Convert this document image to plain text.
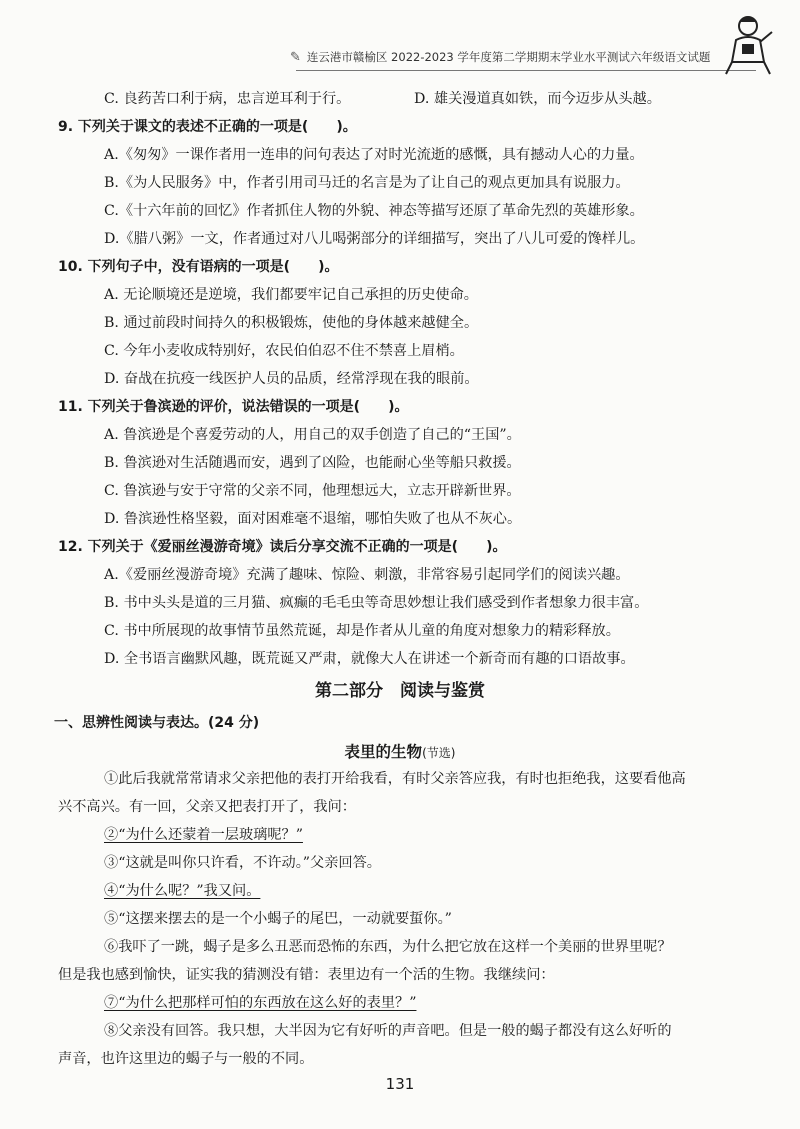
✎ 连云港市赣榆区 2022-2023 学年度第二学期期末学业水平测试六年级语文试题
C. 良药苦口利于病，忠言逆耳利于行。	D. 雄关漫道真如铁，而今迈步从头越。
9. 下列关于课文的表述不正确的一项是(　　)。
A.《匆匆》一课作者用一连串的问句表达了对时光流逝的感慨，具有撼动人心的力量。
B.《为人民服务》中，作者引用司马迁的名言是为了让自己的观点更加具有说服力。
C.《十六年前的回忆》作者抓住人物的外貌、神态等描写还原了革命先烈的英雄形象。
D.《腊八粥》一文，作者通过对八儿喝粥部分的详细描写，突出了八儿可爱的馋样儿。
10. 下列句子中，没有语病的一项是(　　)。
A. 无论顺境还是逆境，我们都要牢记自己承担的历史使命。
B. 通过前段时间持久的积极锻炼，使他的身体越来越健全。
C. 今年小麦收成特别好，农民伯伯忍不住不禁喜上眉梢。
D. 奋战在抗疫一线医护人员的品质，经常浮现在我的眼前。
11. 下列关于鲁滨逊的评价，说法错误的一项是(　　)。
A. 鲁滨逊是个喜爱劳动的人，用自己的双手创造了自己的“王国”。
B. 鲁滨逊对生活随遇而安，遇到了凶险，也能耐心坐等船只救援。
C. 鲁滨逊与安于守常的父亲不同，他理想远大，立志开辟新世界。
D. 鲁滨逊性格坚毅，面对困难毫不退缩，哪怕失败了也从不灰心。
12. 下列关于《爱丽丝漫游奇境》读后分享交流不正确的一项是(　　)。
A.《爱丽丝漫游奇境》充满了趣味、惊险、刺激，非常容易引起同学们的阅读兴趣。
B. 书中头头是道的三月猫、疯癫的毛毛虫等奇思妙想让我们感受到作者想象力很丰富。
C. 书中所展现的故事情节虽然荒诞，却是作者从儿童的角度对想象力的精彩释放。
D. 全书语言幽默风趣，既荒诞又严肃，就像大人在讲述一个新奇而有趣的口语故事。
第二部分　阅读与鉴赏
一、思辨性阅读与表达。(24 分)
表里的生物(节选)
①此后我就常常请求父亲把他的表打开给我看，有时父亲答应我，有时也拒绝我，这要看他高
兴不高兴。有一回，父亲又把表打开了，我问：
②“为什么还蒙着一层玻璃呢？”
③“这就是叫你只许看，不许动。”父亲回答。
④“为什么呢？”我又问。
⑤“这摆来摆去的是一个小蝎子的尾巴，一动就要蜇你。”
⑥我吓了一跳，蝎子是多么丑恶而恐怖的东西，为什么把它放在这样一个美丽的世界里呢？
但是我也感到愉快，证实我的猜测没有错：表里边有一个活的生物。我继续问：
⑦“为什么把那样可怕的东西放在这么好的表里？”
⑧父亲没有回答。我只想，大半因为它有好听的声音吧。但是一般的蝎子都没有这么好听的
声音，也许这里边的蝎子与一般的不同。
131
